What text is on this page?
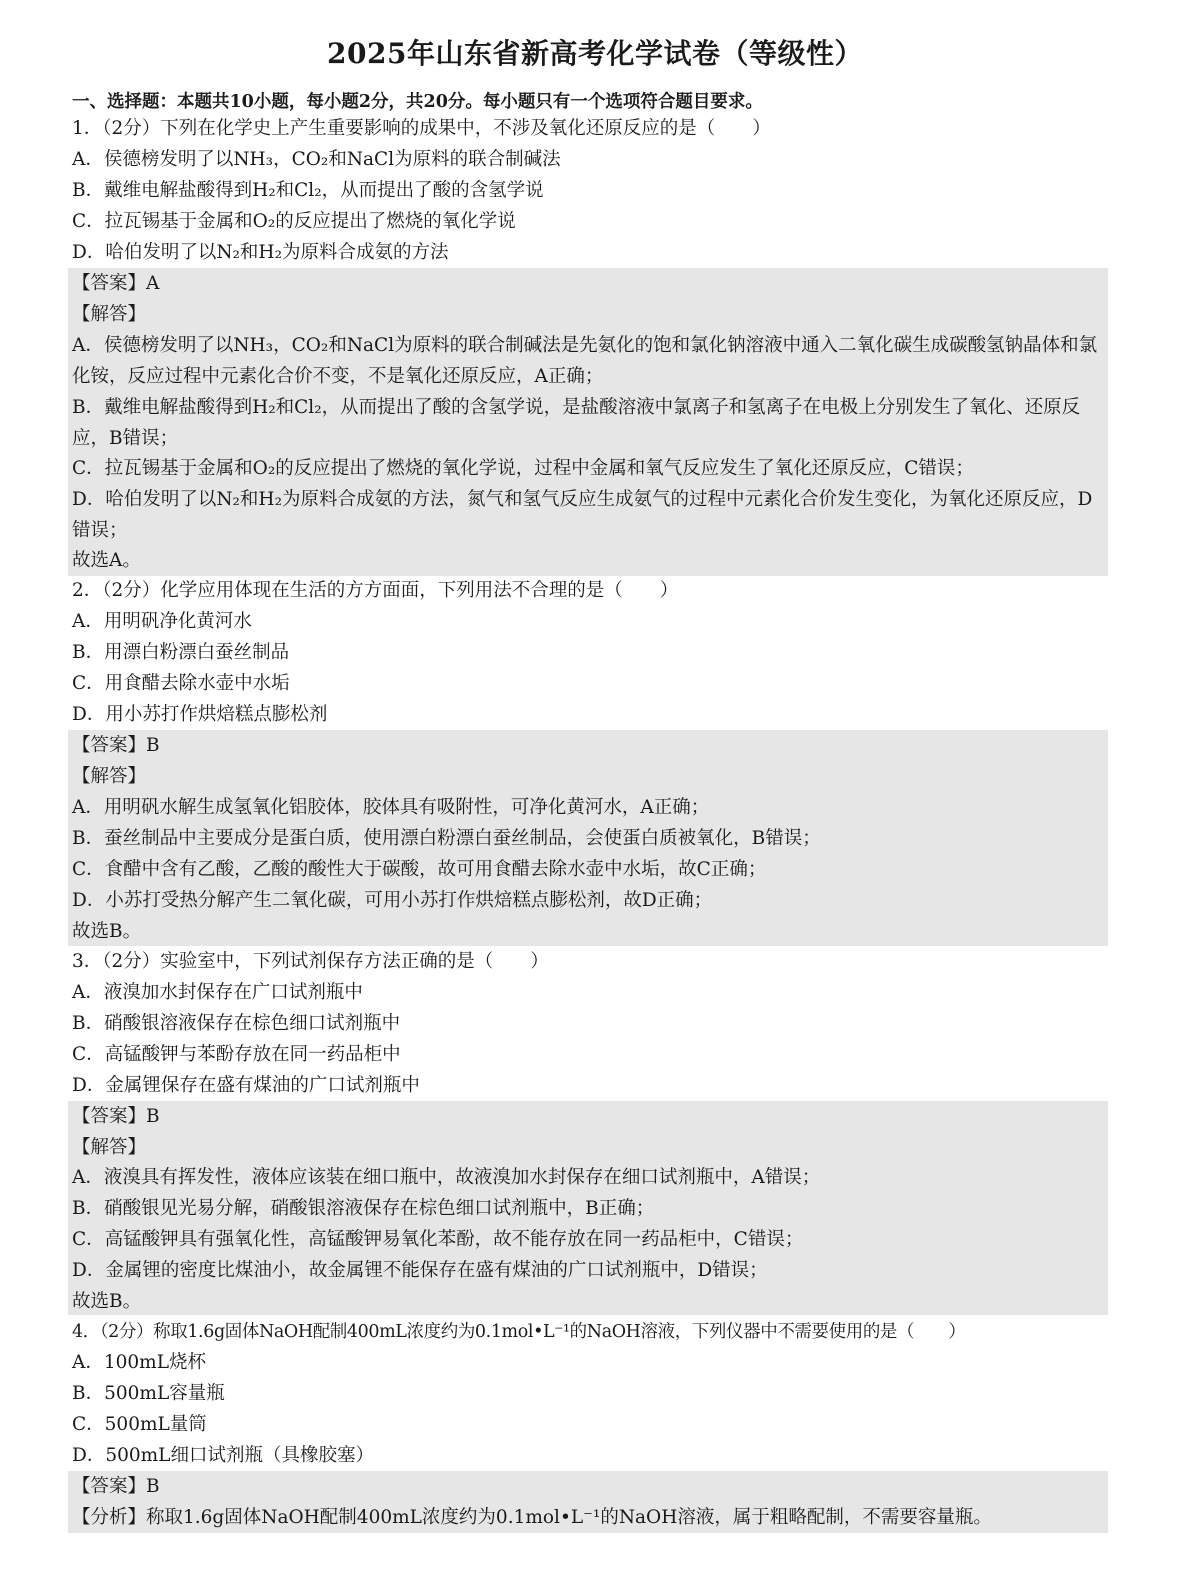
2025年山东省新高考化学试卷（等级性）
一、选择题：本题共10小题，每小题2分，共20分。每小题只有一个选项符合题目要求。
1．（2分）下列在化学史上产生重要影响的成果中，不涉及氧化还原反应的是（　　）
A．侯德榜发明了以NH₃，CO₂和NaCl为原料的联合制碱法
B．戴维电解盐酸得到H₂和Cl₂，从而提出了酸的含氢学说
C．拉瓦锡基于金属和O₂的反应提出了燃烧的氧化学说
D．哈伯发明了以N₂和H₂为原料合成氨的方法
【答案】A
【解答】
A．侯德榜发明了以NH₃，CO₂和NaCl为原料的联合制碱法是先氨化的饱和氯化钠溶液中通入二氧化碳生成碳酸氢钠晶体和氯化铵，反应过程中元素化合价不变，不是氧化还原反应，A正确；
B．戴维电解盐酸得到H₂和Cl₂，从而提出了酸的含氢学说，是盐酸溶液中氯离子和氢离子在电极上分别发生了氧化、还原反应，B错误；
C．拉瓦锡基于金属和O₂的反应提出了燃烧的氧化学说，过程中金属和氧气反应发生了氧化还原反应，C错误；
D．哈伯发明了以N₂和H₂为原料合成氨的方法，氮气和氢气反应生成氨气的过程中元素化合价发生变化，为氧化还原反应，D错误；
故选A。
2．（2分）化学应用体现在生活的方方面面，下列用法不合理的是（　　）
A．用明矾净化黄河水
B．用漂白粉漂白蚕丝制品
C．用食醋去除水壶中水垢
D．用小苏打作烘焙糕点膨松剂
【答案】B
【解答】
A．用明矾水解生成氢氧化铝胶体，胶体具有吸附性，可净化黄河水，A正确；
B．蚕丝制品中主要成分是蛋白质，使用漂白粉漂白蚕丝制品，会使蛋白质被氧化，B错误；
C．食醋中含有乙酸，乙酸的酸性大于碳酸，故可用食醋去除水壶中水垢，故C正确；
D．小苏打受热分解产生二氧化碳，可用小苏打作烘焙糕点膨松剂，故D正确；
故选B。
3．（2分）实验室中，下列试剂保存方法正确的是（　　）
A．液溴加水封保存在广口试剂瓶中
B．硝酸银溶液保存在棕色细口试剂瓶中
C．高锰酸钾与苯酚存放在同一药品柜中
D．金属锂保存在盛有煤油的广口试剂瓶中
【答案】B
【解答】
A．液溴具有挥发性，液体应该装在细口瓶中，故液溴加水封保存在细口试剂瓶中，A错误；
B．硝酸银见光易分解，硝酸银溶液保存在棕色细口试剂瓶中，B正确；
C．高锰酸钾具有强氧化性，高锰酸钾易氧化苯酚，故不能存放在同一药品柜中，C错误；
D．金属锂的密度比煤油小，故金属锂不能保存在盛有煤油的广口试剂瓶中，D错误；
故选B。
4．（2分）称取1.6g固体NaOH配制400mL浓度约为0.1mol•L⁻¹的NaOH溶液，下列仪器中不需要使用的是（　　）
A．100mL烧杯
B．500mL容量瓶
C．500mL量筒
D．500mL细口试剂瓶（具橡胶塞）
【答案】B
【分析】称取1.6g固体NaOH配制400mL浓度约为0.1mol•L⁻¹的NaOH溶液，属于粗略配制，不需要容量瓶。
